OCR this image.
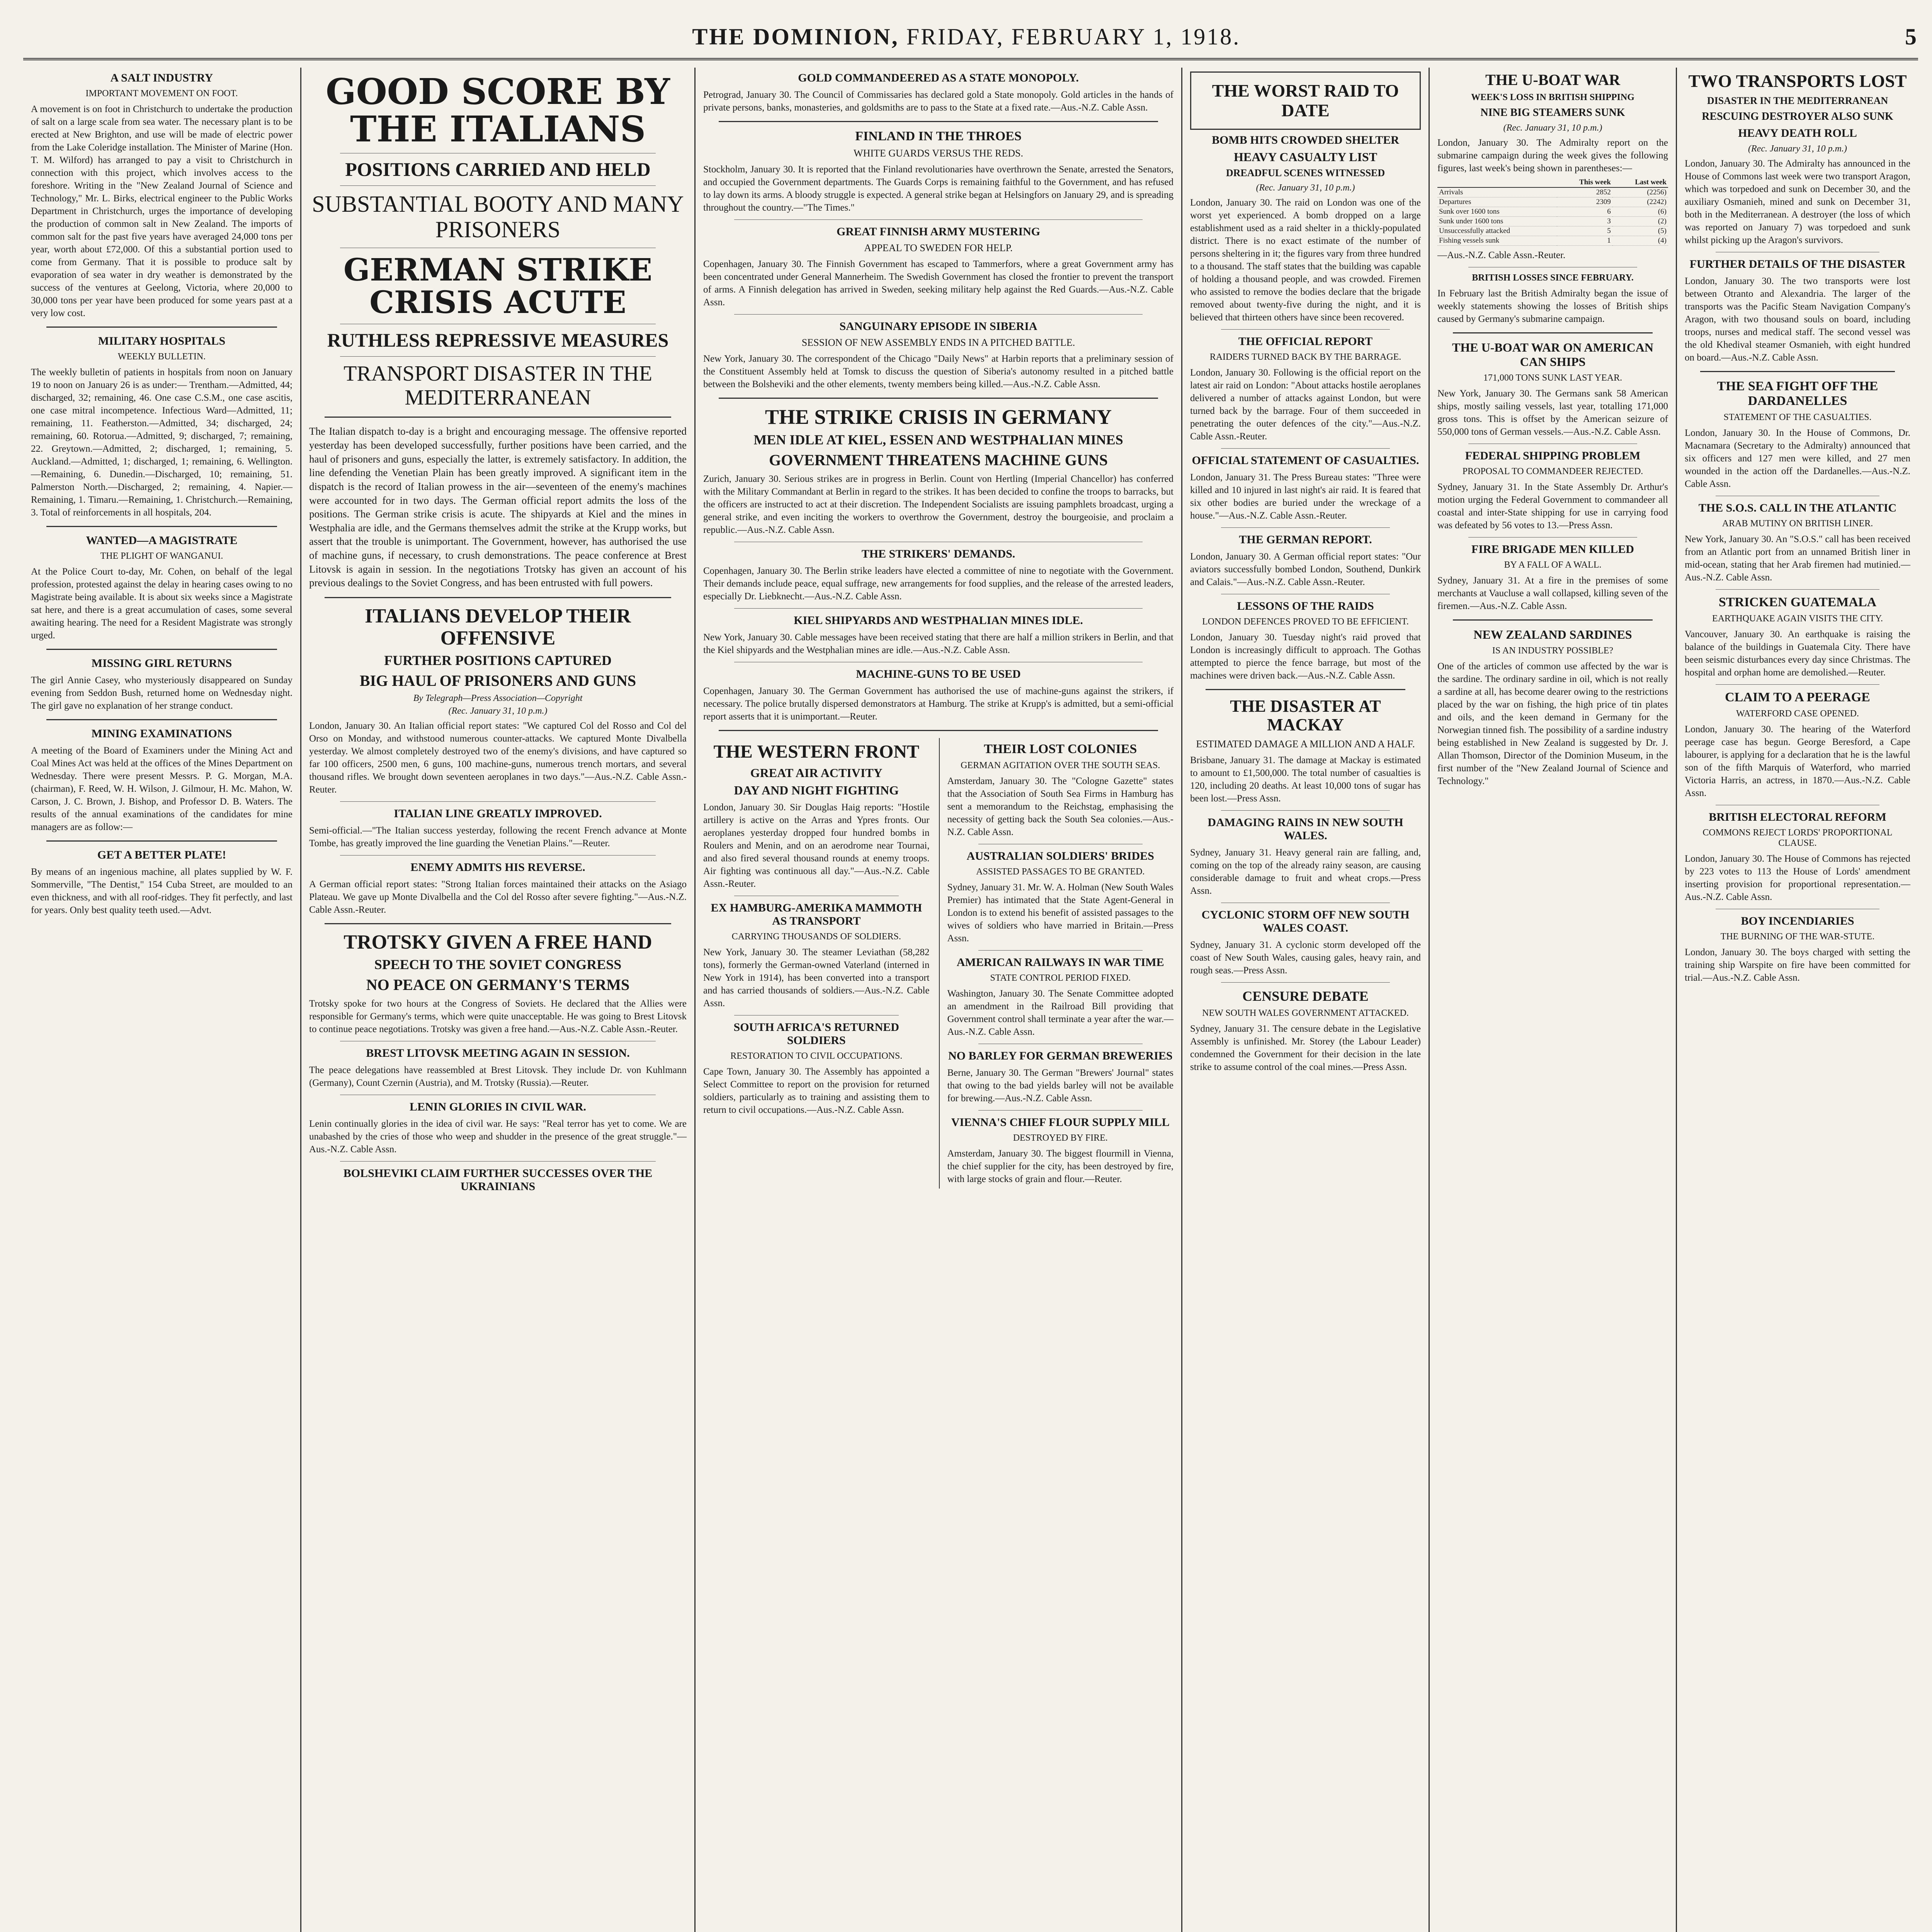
THE DOMINION, FRIDAY, FEBRUARY 1, 1918.	5
A SALT INDUSTRY
IMPORTANT MOVEMENT ON FOOT.

A movement is on foot in Christchurch to undertake the production of salt on a large scale from sea water. The necessary plant is to be erected at New Brighton, and use will be made of electric power from the Lake Coleridge installation. The Minister of Marine (Hon. T. M. Wilford) has arranged to pay a visit to Christchurch in connection with this project, which involves access to the foreshore. Writing in the "New Zealand Journal of Science and Technology," Mr. L. Birks, electrical engineer to the Public Works Department in Christchurch, urges the importance of developing the production of common salt in New Zealand. The imports of common salt for the past five years have averaged 24,000 tons per year, worth about £72,000. Of this a substantial portion used to come from Germany. That it is possible to produce salt by evaporation of sea water in dry weather is demonstrated by the success of the ventures at Geelong, Victoria, where 20,000 to 30,000 tons per year have been produced for some years past at a very low cost.

MILITARY HOSPITALS
WEEKLY BULLETIN.

The weekly bulletin of patients in hospitals from noon on January 19 to noon on January 26 is as under:— Trentham.—Admitted, 44; discharged, 32; remaining, 46. One case C.S.M., one case ascitis, one case mitral incompetence. Infectious Ward—Admitted, 11; remaining, 11. Featherston.—Admitted, 34; discharged, 24; remaining, 60. Rotorua.—Admitted, 9; discharged, 7; remaining, 22. Greytown.—Admitted, 2; discharged, 1; remaining, 5. Auckland.—Admitted, 1; discharged, 1; remaining, 6. Wellington.—Remaining, 6. Dunedin.—Discharged, 10; remaining, 51. Palmerston North.—Discharged, 2; remaining, 4. Napier.—Remaining, 1. Timaru.—Remaining, 1. Christchurch.—Remaining, 3. Total of reinforcements in all hospitals, 204.

WANTED—A MAGISTRATE
THE PLIGHT OF WANGANUI.

At the Police Court to-day, Mr. Cohen, on behalf of the legal profession, protested against the delay in hearing cases owing to no Magistrate being available. It is about six weeks since a Magistrate sat here, and there is a great accumulation of cases, some several awaiting hearing. The need for a Resident Magistrate was strongly urged.

MISSING GIRL RETURNS

The girl Annie Casey, who mysteriously disappeared on Sunday evening from Seddon Bush, returned home on Wednesday night. The girl gave no explanation of her strange conduct.

MINING EXAMINATIONS

A meeting of the Board of Examiners under the Mining Act and Coal Mines Act was held at the offices of the Mines Department on Wednesday. There were present Messrs. P. G. Morgan, M.A. (chairman), F. Reed, W. H. Wilson, J. Gilmour, H. Mc. Mahon, W. Carson, J. C. Brown, J. Bishop, and Professor D. B. Waters. The results of the annual examinations of the candidates for mine managers are as follow:—

GET A BETTER PLATE!

By means of an ingenious machine, all plates supplied by W. F. Sommerville, "The Dentist," 154 Cuba Street, are moulded to an even thickness, and with all roof-ridges. They fit perfectly, and last for years. Only best quality teeth used.—Advt.

GOOD SCORE BY THE ITALIANS
POSITIONS CARRIED AND HELD
SUBSTANTIAL BOOTY AND MANY PRISONERS
GERMAN STRIKE CRISIS ACUTE
RUTHLESS REPRESSIVE MEASURES
TRANSPORT DISASTER IN THE MEDITERRANEAN

The Italian dispatch to-day is a bright and encouraging message. The offensive reported yesterday has been developed successfully, further positions have been carried, and the haul of prisoners and guns, especially the latter, is extremely satisfactory. In addition, the line defending the Venetian Plain has been greatly improved. A significant item in the dispatch is the record of Italian prowess in the air—seventeen of the enemy's machines were accounted for in two days. The German official report admits the loss of the positions. The German strike crisis is acute. The shipyards at Kiel and the mines in Westphalia are idle, and the Germans themselves admit the strike at the Krupp works, but assert that the trouble is unimportant. The Government, however, has authorised the use of machine guns, if necessary, to crush demonstrations. The peace conference at Brest Litovsk is again in session. In the negotiations Trotsky has given an account of his previous dealings to the Soviet Congress, and has been entrusted with full powers.

ITALIANS DEVELOP THEIR OFFENSIVE
FURTHER POSITIONS CAPTURED
BIG HAUL OF PRISONERS AND GUNS
By Telegraph—Press Association—Copyright
(Rec. January 31, 10 p.m.)

London, January 30. An Italian official report states: "We captured Col del Rosso and Col del Orso on Monday, and withstood numerous counter-attacks. We captured Monte Divalbella yesterday. We almost completely destroyed two of the enemy's divisions, and have captured so far 100 officers, 2500 men, 6 guns, 100 machine-guns, numerous trench mortars, and several thousand rifles. We brought down seventeen aeroplanes in two days."—Aus.-N.Z. Cable Assn.-Reuter.

ITALIAN LINE GREATLY IMPROVED.

Semi-official.—"The Italian success yesterday, following the recent French advance at Monte Tombe, has greatly improved the line guarding the Venetian Plains."—Reuter.

ENEMY ADMITS HIS REVERSE.

A German official report states: "Strong Italian forces maintained their attacks on the Asiago Plateau. We gave up Monte Divalbella and the Col del Rosso after severe fighting."—Aus.-N.Z. Cable Assn.-Reuter.

TROTSKY GIVEN A FREE HAND
SPEECH TO THE SOVIET CONGRESS
NO PEACE ON GERMANY'S TERMS

Trotsky spoke for two hours at the Congress of Soviets. He declared that the Allies were responsible for Germany's terms, which were quite unacceptable. He was going to Brest Litovsk to continue peace negotiations. Trotsky was given a free hand.—Aus.-N.Z. Cable Assn.-Reuter.

BREST LITOVSK MEETING AGAIN IN SESSION.

The peace delegations have reassembled at Brest Litovsk. They include Dr. von Kuhlmann (Germany), Count Czernin (Austria), and M. Trotsky (Russia).—Reuter.

LENIN GLORIES IN CIVIL WAR.

Lenin continually glories in the idea of civil war. He says: "Real terror has yet to come. We are unabashed by the cries of those who weep and shudder in the presence of the great struggle."—Aus.-N.Z. Cable Assn.

BOLSHEVIKI CLAIM FURTHER SUCCESSES OVER THE UKRAINIANS
GOLD COMMANDEERED AS A STATE MONOPOLY.

Petrograd, January 30. The Council of Commissaries has declared gold a State monopoly. Gold articles in the hands of private persons, banks, monasteries, and goldsmiths are to pass to the State at a fixed rate.—Aus.-N.Z. Cable Assn.

FINLAND IN THE THROES
WHITE GUARDS VERSUS THE REDS.

Stockholm, January 30. It is reported that the Finland revolutionaries have overthrown the Senate, arrested the Senators, and occupied the Government departments. The Guards Corps is remaining faithful to the Government, and has refused to lay down its arms. A bloody struggle is expected. A general strike began at Helsingfors on January 29, and is spreading throughout the country.—"The Times."

GREAT FINNISH ARMY MUSTERING
APPEAL TO SWEDEN FOR HELP.

Copenhagen, January 30. The Finnish Government has escaped to Tammerfors, where a great Government army has been concentrated under General Mannerheim. The Swedish Government has closed the frontier to prevent the transport of arms. A Finnish delegation has arrived in Sweden, seeking military help against the Red Guards.—Aus.-N.Z. Cable Assn.

SANGUINARY EPISODE IN SIBERIA
SESSION OF NEW ASSEMBLY ENDS IN A PITCHED BATTLE.

New York, January 30. The correspondent of the Chicago "Daily News" at Harbin reports that a preliminary session of the Constituent Assembly held at Tomsk to discuss the question of Siberia's autonomy resulted in a pitched battle between the Bolsheviki and the other elements, twenty members being killed.—Aus.-N.Z. Cable Assn.

THE STRIKE CRISIS IN GERMANY
MEN IDLE AT KIEL, ESSEN AND WESTPHALIAN MINES
GOVERNMENT THREATENS MACHINE GUNS

Zurich, January 30. Serious strikes are in progress in Berlin. Count von Hertling (Imperial Chancellor) has conferred with the Military Commandant at Berlin in regard to the strikes. It has been decided to confine the troops to barracks, but the officers are instructed to act at their discretion. The Independent Socialists are issuing pamphlets broadcast, urging a general strike, and even inciting the workers to overthrow the Government, destroy the bourgeoisie, and proclaim a republic.—Aus.-N.Z. Cable Assn.

THE STRIKERS' DEMANDS.

Copenhagen, January 30. The Berlin strike leaders have elected a committee of nine to negotiate with the Government. Their demands include peace, equal suffrage, new arrangements for food supplies, and the release of the arrested leaders, especially Dr. Liebknecht.—Aus.-N.Z. Cable Assn.

KIEL SHIPYARDS AND WESTPHALIAN MINES IDLE.

New York, January 30. Cable messages have been received stating that there are half a million strikers in Berlin, and that the Kiel shipyards and the Westphalian mines are idle.—Aus.-N.Z. Cable Assn.

MACHINE-GUNS TO BE USED

Copenhagen, January 30. The German Government has authorised the use of machine-guns against the strikers, if necessary. The police brutally dispersed demonstrators at Hamburg. The strike at Krupp's is admitted, but a semi-official report asserts that it is unimportant.—Reuter.

THE WESTERN FRONT
GREAT AIR ACTIVITY
DAY AND NIGHT FIGHTING

London, January 30. Sir Douglas Haig reports: "Hostile artillery is active on the Arras and Ypres fronts. Our aeroplanes yesterday dropped four hundred bombs in Roulers and Menin, and on an aerodrome near Tournai, and also fired several thousand rounds at enemy troops. Air fighting was continuous all day."—Aus.-N.Z. Cable Assn.-Reuter.

EX HAMBURG-AMERIKA MAMMOTH AS TRANSPORT
CARRYING THOUSANDS OF SOLDIERS.

New York, January 30. The steamer Leviathan (58,282 tons), formerly the German-owned Vaterland (interned in New York in 1914), has been converted into a transport and has carried thousands of soldiers.—Aus.-N.Z. Cable Assn.

SOUTH AFRICA'S RETURNED SOLDIERS
RESTORATION TO CIVIL OCCUPATIONS.

Cape Town, January 30. The Assembly has appointed a Select Committee to report on the provision for returned soldiers, particularly as to training and assisting them to return to civil occupations.—Aus.-N.Z. Cable Assn.

THEIR LOST COLONIES
GERMAN AGITATION OVER THE SOUTH SEAS.

Amsterdam, January 30. The "Cologne Gazette" states that the Association of South Sea Firms in Hamburg has sent a memorandum to the Reichstag, emphasising the necessity of getting back the South Sea colonies.—Aus.-N.Z. Cable Assn.

AUSTRALIAN SOLDIERS' BRIDES
ASSISTED PASSAGES TO BE GRANTED.

Sydney, January 31. Mr. W. A. Holman (New South Wales Premier) has intimated that the State Agent-General in London is to extend his benefit of assisted passages to the wives of soldiers who have married in Britain.—Press Assn.

AMERICAN RAILWAYS IN WAR TIME
STATE CONTROL PERIOD FIXED.

Washington, January 30. The Senate Committee adopted an amendment in the Railroad Bill providing that Government control shall terminate a year after the war.—Aus.-N.Z. Cable Assn.

NO BARLEY FOR GERMAN BREWERIES

Berne, January 30. The German "Brewers' Journal" states that owing to the bad yields barley will not be available for brewing.—Aus.-N.Z. Cable Assn.

VIENNA'S CHIEF FLOUR SUPPLY MILL
DESTROYED BY FIRE.

Amsterdam, January 30. The biggest flourmill in Vienna, the chief supplier for the city, has been destroyed by fire, with large stocks of grain and flour.—Reuter.

THE WORST RAID TO DATE
BOMB HITS CROWDED SHELTER
HEAVY CASUALTY LIST
DREADFUL SCENES WITNESSED
(Rec. January 31, 10 p.m.)

London, January 30. The raid on London was one of the worst yet experienced. A bomb dropped on a large establishment used as a raid shelter in a thickly-populated district. There is no exact estimate of the number of persons sheltering in it; the figures vary from three hundred to a thousand. The staff states that the building was capable of holding a thousand people, and was crowded. Firemen who assisted to remove the bodies declare that the brigade removed about twenty-five during the night, and it is believed that thirteen others have since been recovered.

THE OFFICIAL REPORT
RAIDERS TURNED BACK BY THE BARRAGE.

London, January 30. Following is the official report on the latest air raid on London: "About attacks hostile aeroplanes delivered a number of attacks against London, but were turned back by the barrage. Four of them succeeded in penetrating the outer defences of the city."—Aus.-N.Z. Cable Assn.-Reuter.

OFFICIAL STATEMENT OF CASUALTIES.

London, January 31. The Press Bureau states: "Three were killed and 10 injured in last night's air raid. It is feared that six other bodies are buried under the wreckage of a house."—Aus.-N.Z. Cable Assn.-Reuter.

THE GERMAN REPORT.

London, January 30. A German official report states: "Our aviators successfully bombed London, Southend, Dunkirk and Calais."—Aus.-N.Z. Cable Assn.-Reuter.

LESSONS OF THE RAIDS
LONDON DEFENCES PROVED TO BE EFFICIENT.

London, January 30. Tuesday night's raid proved that London is increasingly difficult to approach. The Gothas attempted to pierce the fence barrage, but most of the machines were driven back.—Aus.-N.Z. Cable Assn.

THE DISASTER AT MACKAY
ESTIMATED DAMAGE A MILLION AND A HALF.

Brisbane, January 31. The damage at Mackay is estimated to amount to £1,500,000. The total number of casualties is 120, including 20 deaths. At least 10,000 tons of sugar has been lost.—Press Assn.

DAMAGING RAINS IN NEW SOUTH WALES.

Sydney, January 31. Heavy general rain are falling, and, coming on the top of the already rainy season, are causing considerable damage to fruit and wheat crops.—Press Assn.

CYCLONIC STORM OFF NEW SOUTH WALES COAST.

Sydney, January 31. A cyclonic storm developed off the coast of New South Wales, causing gales, heavy rain, and rough seas.—Press Assn.

CENSURE DEBATE
NEW SOUTH WALES GOVERNMENT ATTACKED.

Sydney, January 31. The censure debate in the Legislative Assembly is unfinished. Mr. Storey (the Labour Leader) condemned the Government for their decision in the late strike to assume control of the coal mines.—Press Assn.

THE U-BOAT WAR
WEEK'S LOSS IN BRITISH SHIPPING
NINE BIG STEAMERS SUNK
(Rec. January 31, 10 p.m.)

London, January 30. The Admiralty report on the submarine campaign during the week gives the following figures, last week's being shown in parentheses:—

	This week	Last week
Arrivals	2852	(2256)
Departures	2309	(2242)
Sunk over 1600 tons	6	(6)
Sunk under 1600 tons	3	(2)
Unsuccessfully attacked	5	(5)
Fishing vessels sunk	1	(4)

—Aus.-N.Z. Cable Assn.-Reuter.

BRITISH LOSSES SINCE FEBRUARY.

In February last the British Admiralty began the issue of weekly statements showing the losses of British ships caused by Germany's submarine campaign.

THE U-BOAT WAR ON AMERICAN CAN SHIPS
171,000 TONS SUNK LAST YEAR.

New York, January 30. The Germans sank 58 American ships, mostly sailing vessels, last year, totalling 171,000 gross tons. This is offset by the American seizure of 550,000 tons of German vessels.—Aus.-N.Z. Cable Assn.

FEDERAL SHIPPING PROBLEM
PROPOSAL TO COMMANDEER REJECTED.

Sydney, January 31. In the State Assembly Dr. Arthur's motion urging the Federal Government to commandeer all coastal and inter-State shipping for use in carrying food was defeated by 56 votes to 13.—Press Assn.

FIRE BRIGADE MEN KILLED
BY A FALL OF A WALL.

Sydney, January 31. At a fire in the premises of some merchants at Vaucluse a wall collapsed, killing seven of the firemen.—Aus.-N.Z. Cable Assn.

NEW ZEALAND SARDINES
IS AN INDUSTRY POSSIBLE?

One of the articles of common use affected by the war is the sardine. The ordinary sardine in oil, which is not really a sardine at all, has become dearer owing to the restrictions placed by the war on fishing, the high price of tin plates and oils, and the keen demand in Germany for the Norwegian tinned fish. The possibility of a sardine industry being established in New Zealand is suggested by Dr. J. Allan Thomson, Director of the Dominion Museum, in the first number of the "New Zealand Journal of Science and Technology."

TWO TRANSPORTS LOST
DISASTER IN THE MEDITERRANEAN
RESCUING DESTROYER ALSO SUNK
HEAVY DEATH ROLL
(Rec. January 31, 10 p.m.)

London, January 30. The Admiralty has announced in the House of Commons last week were two transport Aragon, which was torpedoed and sunk on December 30, and the auxiliary Osmanieh, mined and sunk on December 31, both in the Mediterranean. A destroyer (the loss of which was reported on January 7) was torpedoed and sunk whilst picking up the Aragon's survivors.

FURTHER DETAILS OF THE DISASTER

London, January 30. The two transports were lost between Otranto and Alexandria. The larger of the transports was the Pacific Steam Navigation Company's Aragon, with two thousand souls on board, including troops, nurses and medical staff. The second vessel was the old Khedival steamer Osmanieh, with eight hundred on board.—Aus.-N.Z. Cable Assn.

THE SEA FIGHT OFF THE DARDANELLES
STATEMENT OF THE CASUALTIES.

London, January 30. In the House of Commons, Dr. Macnamara (Secretary to the Admiralty) announced that six officers and 127 men were killed, and 27 men wounded in the action off the Dardanelles.—Aus.-N.Z. Cable Assn.

THE S.O.S. CALL IN THE ATLANTIC
ARAB MUTINY ON BRITISH LINER.

New York, January 30. An "S.O.S." call has been received from an Atlantic port from an unnamed British liner in mid-ocean, stating that her Arab firemen had mutinied.—Aus.-N.Z. Cable Assn.

STRICKEN GUATEMALA
EARTHQUAKE AGAIN VISITS THE CITY.

Vancouver, January 30. An earthquake is raising the balance of the buildings in Guatemala City. There have been seismic disturbances every day since Christmas. The hospital and orphan home are demolished.—Reuter.

CLAIM TO A PEERAGE
WATERFORD CASE OPENED.

London, January 30. The hearing of the Waterford peerage case has begun. George Beresford, a Cape labourer, is applying for a declaration that he is the lawful son of the fifth Marquis of Waterford, who married Victoria Harris, an actress, in 1870.—Aus.-N.Z. Cable Assn.

BRITISH ELECTORAL REFORM
COMMONS REJECT LORDS' PROPORTIONAL CLAUSE.

London, January 30. The House of Commons has rejected by 223 votes to 113 the House of Lords' amendment inserting provision for proportional representation.—Aus.-N.Z. Cable Assn.

BOY INCENDIARIES
THE BURNING OF THE WAR-STUTE.

London, January 30. The boys charged with setting the training ship Warspite on fire have been committed for trial.—Aus.-N.Z. Cable Assn.
